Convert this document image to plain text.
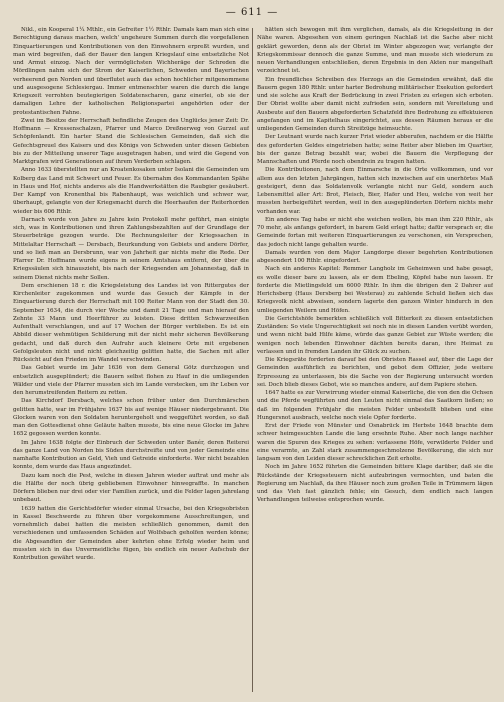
— 611 —

Nikl., ein Kooperal 1¼ Mthlr., ein Gefreiter 1½ Rthlr. Damals kam man sich eine Berechtigung daraus machen, welch' ungeheure Summen durch die vorgefallenen Einquartierungen und Kontributionen von den Einwohnern erpreßt wurden, und man wird begreifen, daß der Bauer den langen Kriegslauf eine entsetzliche Not und Armut einzog. Nach der vermöglichsten Wichheräge der Schreden die Mördlingen nahm sich der Strom der Kaiserlichen, Schweden und Bayerischen verheerend gen Norden und überflutet auch das schon hochlicher mitgenommene und ausgesogene Schlesiergau. Immer entmenschter waren die durch die lange Kriegszeit verrohten beutegierigen Soldatenscharen, ganz einerlei, ob sie der damaligen Lehre der katholischen Religionspartei angehörten oder der protestantischen Fahne.

Zwei im Besitze der Herrschaft befindliche Zeugen des Unglücks jener Zeit: Dr. Hoffmann — Kressenschalzen, Pfarrer und Marco Dreßnerweg von Gurzel auf Schöpfenlandt. Ein harter Stand die Schlesischen Gemeinden, daß sich die Gefechtsgreuel des Kaisers und des Königs von Schweden unter diesen Gebieten bis zu der Mitteilung unserer Tage ausgetragen haben, und wird die Gegend von Marktgrafen wird Generationen auf ihrem Verderben schlagen.

Anno 1633 überstellten nur an Kroatenkosaken unter Isolani die Gemeinden um Kolberg das Land mit Schwert und Feuer. Es übernahm des Kommandanten Spähe in Haus und Hof, nichts anderes als die Handwerkstätten die Raubgier gesäubert. Der Kampf von Kronenthal bis Rabenhaupt, was weichlich und schwer war, überhaupt, gelangte von der Kriegsmacht durch die Heerhaufen der Reiterhorden wieder bis 606 Rthlr.

Darnach wurde von Jahre zu Jahre kein Protokoll mehr geführt, man einigte sich, was in Kontributionen und ihren Zahlungsbezahlten auf der Grundlage der Steuerbeträge gezogen wurde. Die Rechnungsleiter der Kriegssachen in Mittelaltar Herrschaft — Dersbach, Beurkundung von Gebiets und andere Dörfer, und so ließ man an Dersbrunn, war von Jahrheit gar nichts mehr die Rede. Der Pfarrer Dr. Hoffmann wurde eigens in seinem Amtshaus entfernt, der über die Kriegssäulen sich hinauszieht, bis nach der Kriegsenden am Johannestag, daß in seinem Dienst nichts mehr Sollen.

Dem erschienen 18 r. die Kriegsleistung des Landes ist von Rittergutes der Kirchenleiter zugekommen und wurde das Gesuch der Kämpfe in der Einquartierung durch der Herrschaft mit 100 Reiter Mann von der Stadt den 30. September 1634, die durch vier Woche und damit 21 Tage und man hierauf den Zehnte 33 Mann und Heerführer zu leisten. Diese dritten Schwarzweißen Aufenthalt verschlangen, und auf 17 Wochen der Bürger verblieben. Es ist ein Abbild dieser wehmütigen Schilderung mit der nicht mehr sicheren Bevölkerung gedacht, und daß durch den Aufruhr auch kleinere Orte mit ergebenen Gefolgsleuten nicht und nicht gleichzeitig gelitten hatte, die Sachen mit aller Rücksicht auf den Frieden im Wandel verschwinden.

Das Gebiet wurde im Jahr 1636 von dem General Götz durchzogen und entsetzlich ausgeplündert; die Bauern selbst flohen zu Hauf in die umliegenden Wälder und viele der Pfarrer mussten sich im Lande verstecken, um ihr Leben vor den herumstreifenden Reitern zu retten.

Das Kirchdorf Dersbach, welches schon früher unter den Durchmärschen gelitten hatte, war im Frühjahre 1637 bis auf wenige Häuser niedergebrannt. Die Glocken waren von den Soldaten heruntergeholt und weggeführt worden, so daß man den Gottesdienst ohne Geläute halten musste, bis eine neue Glocke im Jahre 1652 gegossen werden konnte.

Im Jahre 1638 folgte der Einbruch der Schweden unter Banér, deren Reiterei das ganze Land von Norden bis Süden durchstreifte und von jeder Gemeinde eine namhafte Kontribution an Geld, Vieh und Getreide einforderte. Wer nicht bezahlen konnte, dem wurde das Haus angezündet.

Dazu kam noch die Pest, welche in diesen Jahren wieder auftrat und mehr als die Hälfte der noch übrig gebliebenen Einwohner hinwegraffte. In manchen Dörfern blieben nur drei oder vier Familien zurück, und die Felder lagen jahrelang unbebaut.

1639 hatten die Gerichtsdörfer wieder einmal Ursache, bei den Kriegsobristen in Kassel Beschwerde zu führen über vorgekommene Ausschreitungen, und vornehmlich dabei hatten die meisten schließlich genommen, damit den verschiedenen und umfassenden Schäden auf Wolfsbach geholfen werden könne; die Abgesandten der Gemeinden aber kehrten ohne Erfolg wieder heim und mussten sich in das Unvermeidliche fügen, bis endlich ein neuer Aufschub der Kontribution gewährt wurde.

hätten sich bewogen mit ihm verglichen, damals, als die Kriegsleitung in der Nähe waren. Abgesehen von einem geringen Nachlaß ist die Sache aber nicht geklärt geworden, denn als der Obrist im Winter abgezogen war, verlangte der Kriegskommissar dennoch die ganze Summe, und man musste sich wiederum zu neuen Verhandlungen entschließen, deren Ergebnis in den Akten nur mangelhaft verzeichnet ist.

Ein freundliches Schreiben des Herzogs an die Gemeinden erwähnt, daß die Bauern gegen 180 Rthlr. unter harter Bedrohung militärischer Exekution gefordert und sie solche aus Kraft der Bedrückung in zwei Fristen zu erlegen sich erboten. Der Obrist wollte aber damit nicht zufrieden sein, sondern mit Vereitelung und Ausbeute auf den Bauern abgeforderten Schatzfeld ihre Bedrohung zu effektuieren angefangen und im Kapitelhaus eingerichtet, aus dessen Räumen heraus er die umliegenden Gemeinden durch Streifzüge heimsuchte.

Der Leutnant wurde nach kurzer Frist wieder abberufen, nachdem er die Hälfte des geforderten Geldes eingetrieben hatte; seine Reiter aber blieben im Quartier, bis der ganze Betrag bezahlt war, wobei die Bauern die Verpflegung der Mannschaften und Pferde noch obendrein zu tragen hatten.

Die Kontributionen, nach dem Einmarsche in die Orte vollkommen, und vor allem aus den letzten Jahrgängen, hatten sich inzwischen auf ein unerhörtes Maß gesteigert, denn das Soldatenvolk verlangte nicht nur Geld, sondern auch Lebensmittel aller Art: Brot, Fleisch, Bier, Hafer und Heu, welche von weit her mussten herbeigeführt werden, weil in den ausgeplünderten Dörfern nichts mehr vorhanden war.

Ein anderes Tag habe er nicht ehe weichen wollen, bis man ihm 220 Rthlr., als 70 mehr, als anfangs gefordert, in barem Geld erlegt hatte; dafür versprach er, die Gemeinde fortan mit weiteren Einquartierungen zu verschonen, ein Versprechen, das jedoch nicht lange gehalten wurde.

Damals wurden von dem Major Langdorpe dieser begehrten Kontributionen abgesondert 100 Rthlr. eingefordert.

Nach ein anderes Kapitel: Remmer Langholz im Geheimwen und habe gesagt, es wolle dieser bare zu lassen, als er dem Ebeling, Köpfel habe nun lassen. Er forderte die Mietlingsfeld um 6000 Rthlr. In ihm die übrigen den 2 Dahrer auf Herichsberg (Haus Dersberg bei Westerau) zu zahlende Schuld ließen sich das Kriegsvolk nicht abweisen, sondern lagerte den ganzen Winter hindurch in den umliegenden Weilern und Höfen.

Die Gerichtshöfe bemerkten schließlich voll Bitterkeit zu diesen entsetzlichen Zuständen: So viele Ungerechtigkeit sei noch nie in diesen Landen verübt worden, und wenn nicht bald Hilfe käme, würde das ganze Gebiet zur Wüste werden; die wenigen noch lebenden Einwohner dächten bereits daran, ihre Heimat zu verlassen und in fremden Landen ihr Glück zu suchen.

Die Kriegsräte forderten darauf bei den Obristen Rassel auf, über die Lage der Gemeinden ausführlich zu berichten, und gebot dem Offizier, jede weitere Erpressung zu unterlassen, bis die Sache von der Regierung untersucht worden sei. Doch blieb dieses Gebot, wie so manches andere, auf dem Papiere stehen.

1647 hatte es zur Verwirrung wieder einmal Kaiserliche, die von den die Ochsen und die Pferde wegführten und den Leuten nicht einmal das Saatkorn ließen; so daß im folgenden Frühjahr die meisten Felder unbestellt blieben und eine Hungersnot ausbrach, welche noch viele Opfer forderte.

Erst der Friede von Münster und Osnabrück im Herbste 1648 brachte dem schwer heimgesuchten Lande die lang ersehnte Ruhe. Aber noch lange nachher waren die Spuren des Krieges zu sehen: verlassene Höfe, verwilderte Felder und eine verarmte, an Zahl stark zusammengeschmolzene Bevölkerung, die sich nur langsam von den Leiden dieser schrecklichen Zeit erholte.

Noch im Jahre 1652 führten die Gemeinden bittere Klage darüber, daß sie die Rückstände der Kriegssteuern nicht aufzubringen vermochten, und baten die Regierung um Nachlaß, da ihre Häuser noch zum großen Teile in Trümmern lägen und das Vieh fast gänzlich fehle; ein Gesuch, dem endlich nach langen Verhandlungen teilweise entsprochen wurde.
